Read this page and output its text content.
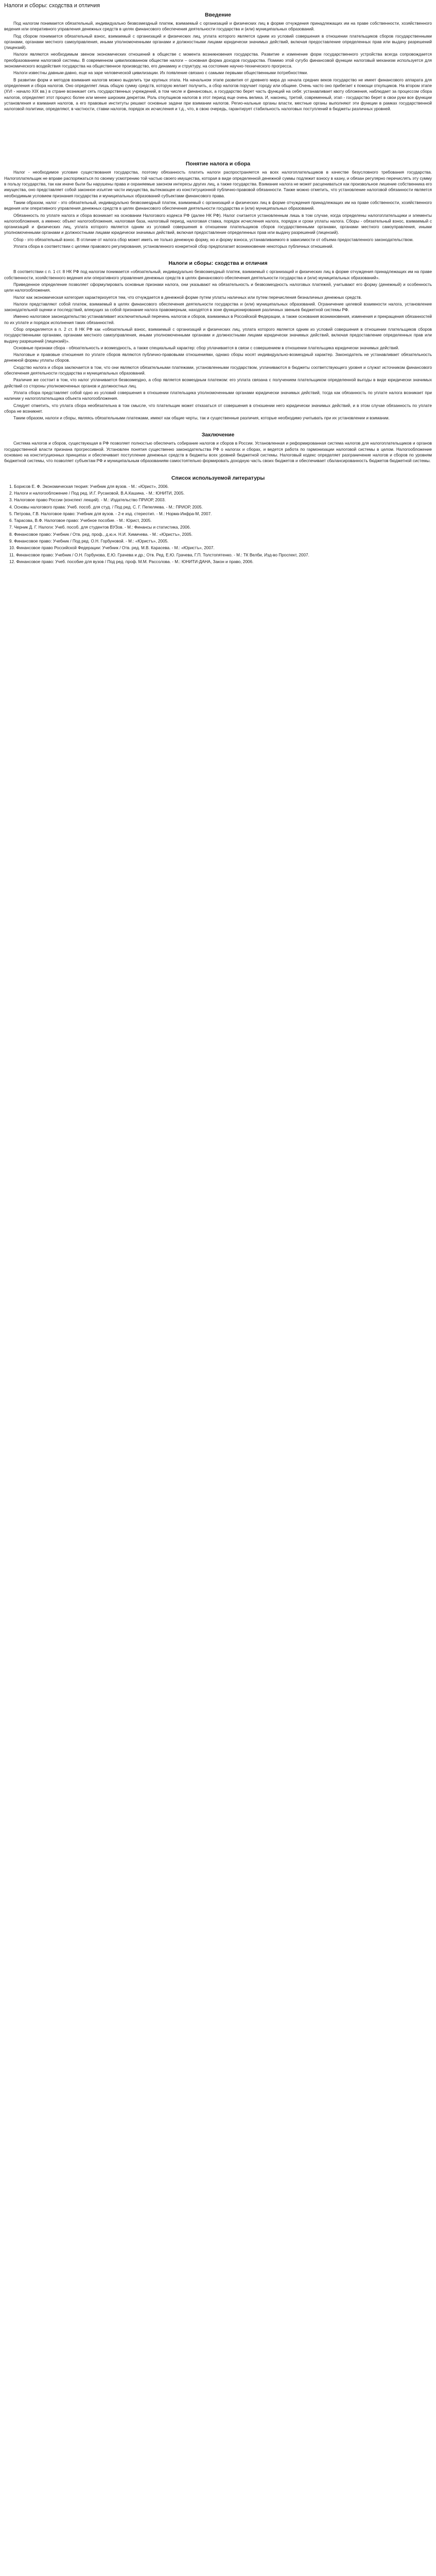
Налоги и сборы: сходства и отличия
Введение

Под налогом понимается обязательный, индивидуально безвозмездный платеж, взимаемый с организаций и физических лиц в форме отчуждения принадлежащих им на праве собственности, хозяйственного ведения или оперативного управления денежных средств в целях финансового обеспечения деятельности государства и (или) муниципальных образований.

Под сбором понимается обязательный взнос, взимаемый с организаций и физических лиц, уплата которого является одним из условий совершения в отношении плательщиков сборов государственными органами, органами местного самоуправления, иными уполномоченными органами и должностными лицами юридически значимых действий, включая предоставление определенных прав или выдачу разрешений (лицензий).

Налоги являются необходимым звеном экономических отношений в обществе с момента возникновения государства. Развитие и изменение форм государственного устройства всегда сопровождается преобразованием налоговой системы. В современном цивилизованном обществе налоги – основная форма доходов государства. Помимо этой сугубо финансовой функции налоговый механизм используется для экономического воздействия государства на общественное производство, его динамику и структуру, на состояние научно-технического прогресса.

Налоги известны давным-давно, еще на заре человеческой цивилизации. Их появление связано с самыми первыми общественными потребностями.

В развитии форм и методов взимания налогов можно выделить три крупных этапа. На начальном этапе развития от древнего мира до начала средних веков государство не имеет финансового аппарата для определения и сбора налогов. Оно определяет лишь общую сумму средств, которую желает получить, а сбор налогов поручает городу или общине. Очень часто оно прибегает к помощи откупщиков. На втором этапе (XVI - начало XIX вв.) в стране возникает сеть государственных учреждений, в том числе и финансовых, а государство берет часть функций на себя: устанавливает квоту обложения, наблюдает за процессом сбора налогов, определяет этот процесс более или менее широким декретом. Роль откупщиков налогов в этот период еще очень велика. И, наконец, третий, современный, этап - государство берет в свои руки все функции установления и взимания налогов, а его правовые институты решают основные задачи при взимании налогов. Регио-нальные органы власти, местные органы выполняют эти функции в рамках государственной налоговой политики, определяют, в частности, ставки налогов, порядок их исчисления и т.д., что, в свою очередь, гарантирует стабильность налоговых поступлений в бюджеты различных уровней.

Понятие налога и сбора

Налог - необходимое условие существования государства, поэтому обязанность платить налоги распространяется на всех налогоплательщиков в качестве безусловного требования государства. Налогоплательщик не вправе распоряжаться по своему усмотрению той частью своего имущества, которая в виде определенной денежной суммы подлежит взносу в казну, и обязан регулярно перечислять эту сумму в пользу государства, так как иначе были бы нарушены права и охраняемые законом интересы других лиц, а также государства. Взимание налога не может расцениваться как произвольное лишение собственника его имущества, оно представляет собой законное изъятие части имущества, вытекающее из конституционной публично-правовой обязанности. Также можно отметить, что установление налоговой обязанности является необходимым условием признания государства и муниципальных образований субъектами финансового права.

Таким образом, налог - это обязательный, индивидуально безвозмездный платеж, взимаемый с организаций и физических лиц в форме отчуждения принадлежащих им на праве собственности, хозяйственного ведения или оперативного управления денежных средств в целях финансового обеспечения деятельности государства и (или) муниципальных образований.

Обязанность по уплате налога и сбора возникает на основании Налогового кодекса РФ (далее НК РФ). Налог считается установленным лишь в том случае, когда определены налогоплательщики и элементы налогообложения, а именно: объект налогообложения, налоговая база, налоговый период, налоговая ставка, порядок исчисления налога, порядок и сроки уплаты налога. Сборы - обязательный взнос, взимаемый с организаций и физических лиц, уплата которого является одним из условий совершения в отношении плательщиков сборов государственными органами, органами местного самоуправления, иными уполномоченными органами и должностными лицами юридически значимых действий, включая предоставление определенных прав или выдачу разрешений (лицензий).

Сбор - это обязательный взнос. В отличие от налога сбор может иметь не только денежную форму, но и форму взноса, устанавливаемого в зависимости от объема предоставленного законодательством.

Уплата сбора в соответствии с целями правового регулирования, установленного конкретной сбор предполагает возникновение некоторых публичных отношений.

Налоги и сборы: сходства и отличия

В соответствии с п. 1 ст. 8 НК РФ под налогом понимается «обязательный, индивидуально безвозмездный платеж, взимаемый с организаций и физических лиц в форме отчуждения принадлежащих им на праве собственности, хозяйственного ведения или оперативного управления денежных средств в целях финансового обеспечения деятельности государства и (или) муниципальных образований».

Приведенное определение позволяет сформулировать основные признаки налога, они указывают на обязательность и безвозмездность налоговых платежей, учитывают его форму (денежный) и особенность цели налогообложения.

Налог как экономическая категория характеризуется тем, что отчуждается в денежной форме путем уплаты наличных или путем перечисления безналичных денежных средств.

Налоги представляют собой платеж, взимаемый в целях финансового обеспечения деятельности государства и (или) муниципальных образований. Ограничение целевой взаимности налога, установление законодательной оценки и последствий, влекущих за собой признание налога правомерным, находятся в зоне функционирования различных звеньев бюджетной системы РФ.

Именно налоговое законодательство устанавливает исключительный перечень налогов и сборов, взимаемых в Российской Федерации, а также основания возникновения, изменения и прекращения обязанностей по их уплате и порядок исполнения таких обязанностей.

Сбор определяется в п. 2 ст. 8 НК РФ как «обязательный взнос, взимаемый с организаций и физических лиц, уплата которого является одним из условий совершения в отношении плательщиков сборов государственными органами, органами местного самоуправления, иными уполномоченными органами и должностными лицами юридически значимых действий, включая предоставление определенных прав или выдачу разрешений (лицензий)».

Основные признаки сбора - обязательность и возмездность, а также специальный характер: сбор уплачивается в связи с совершением в отношении плательщика юридически значимых действий.

Налоговые и правовые отношения по уплате сборов являются публично-правовыми отношениями, однако сборы носят индивидуально-возмездный характер. Законодатель не устанавливает обязательность денежной формы уплаты сборов.

Сходство налога и сбора заключается в том, что они являются обязательными платежами, установленными государством, уплачиваются в бюджеты соответствующего уровня и служат источником финансового обеспечения деятельности государства и муниципальных образований.

Различие же состоит в том, что налог уплачивается безвозмездно, а сбор является возмездным платежом: его уплата связана с получением плательщиком определенной выгоды в виде юридически значимых действий со стороны уполномоченных органов и должностных лиц.

Уплата сбора представляет собой одно из условий совершения в отношении плательщика уполномоченными органами юридически значимых действий, тогда как обязанность по уплате налога возникает при наличии у налогоплательщика объекта налогообложения.

Следует отметить, что уплата сбора необязательна в том смысле, что плательщик может отказаться от совершения в отношении него юридически значимых действий, и в этом случае обязанность по уплате сбора не возникнет.

Таким образом, налоги и сборы, являясь обязательными платежами, имеют как общие черты, так и существенные различия, которые необходимо учитывать при их установлении и взимании.

Заключение

Система налогов и сборов, существующая в РФ позволяет полностью обеспечить собирание налогов и сборов в России. Установленная и реформированная система налогов для налогоплательщиков и органов государственной власти признана прогрессивной. Установлен понятия существенно законодательства РФ о налогах и сборах, и ведется работа по гармонизации налоговой системы в целом. Налогообложение основано на конституционных принципах и обеспечивает поступление денежных средств в бюджеты всех уровней бюджетной системы. Налоговый кодекс определяет разграничение налогов и сборов по уровням бюджетной системы, что позволяет субъектам РФ и муниципальным образованиям самостоятельно формировать доходную часть своих бюджетов и обеспечивает сбалансированность бюджетов бюджетной системы.

Список используемой литературы
1. Борисов Е. Ф. Экономическая теория: Учебник для вузов. - М.: «Юрист», 2006.
2. Налоги и налогообложение / Под ред. И.Г. Русаковой, В.А.Кашина. - М.: ЮНИТИ, 2005.
3. Налоговое право России (конспект лекций). - М.: Издательство ПРИОР, 2003.
4. Основы налогового права: Учеб. пособ. для студ. / Под ред. С. Г. Пепеляева. - М.: ПРИОР, 2005.
5. Петрова, Г.В. Налоговое право: Учебник для вузов. - 2-е изд. стереотип. - М.: Норма-Инфра-М, 2007.
6. Тарасова, В.Ф. Налоговое право: Учебное пособие. - М.: Юрист, 2005.
7. Черник Д. Г. Налоги: Учеб. пособ. для студентов ВУЗов. - М.: Финансы и статистика, 2006.
8. Финансовое право: Учебник / Отв. ред. проф., д.ю.н. Н.И. Химичева. - М.: «Юристъ», 2005.
9. Финансовое право: Учебник / Под ред. О.Н. Горбуновой. - М.: «Юристъ», 2005.
10. Финансовое право Российской Федерации: Учебник / Отв. ред. М.В. Карасева. - М.: «Юристъ», 2007.
11. Финансовое право: Учебник / О.Н. Горбунова, Е.Ю. Грачева и др.; Отв. Ред. Е.Ю. Грачева, Г.П. Толстопятенко. - М.: ТК Велби, Изд-во Проспект, 2007.
12. Финансовое право: Учеб. пособие для вузов / Под ред. проф. М.М. Рассолова. - М.: ЮНИТИ-ДАНА, Закон и право, 2006.
